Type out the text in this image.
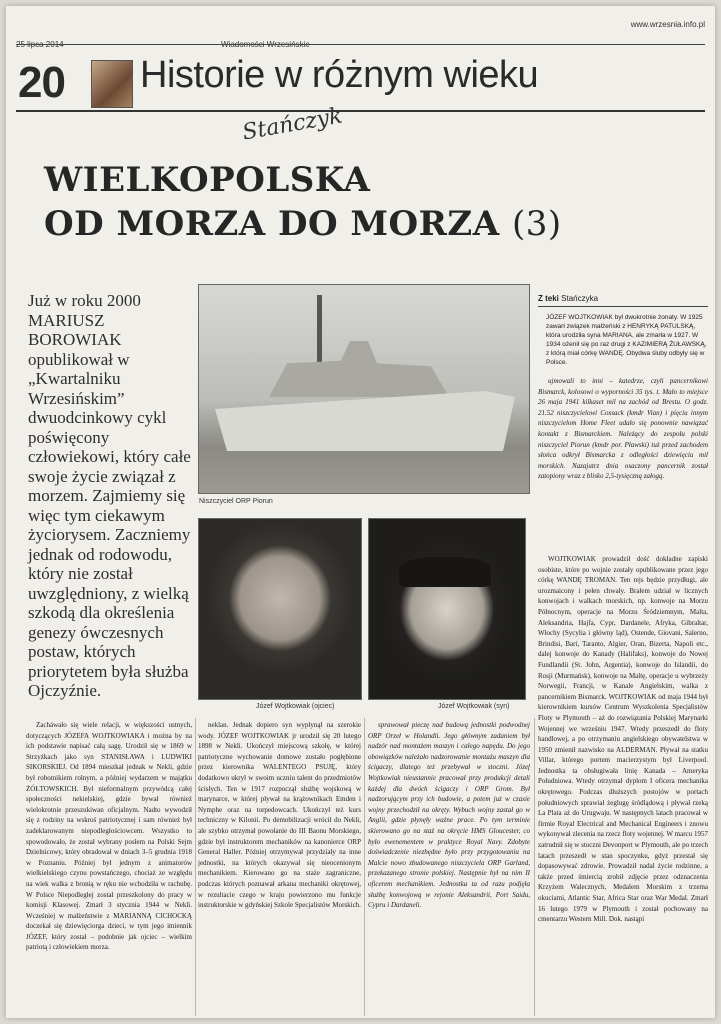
www.wrzesnia.info.pl
25 lipca 2014	Wiadomości Wrzesińskie
20 Historie w różnym wieku
Stańczyk
WIELKOPOLSKA
OD MORZA DO MORZA (3)
Już w roku 2000 MARIUSZ BOROWIAK opublikował w „Kwartalniku Wrzesińskim” dwuodcinkowy cykl poświęcony człowiekowi, który całe swoje życie związał z morzem. Zajmiemy się więc tym ciekawym życiorysem. Zaczniemy jednak od rodowodu, który nie został uwzględniony, z wielką szkodą dla określenia genezy ówczesnych postaw, których priorytetem była służba Ojczyźnie.
Niszczyciel ORP Piorun
Józef Wojtkowiak (ojciec)	Józef Wojtkowiak (syn)
Z teki Stańczyka
JÓZEF WOJTKOWIAK był dwukrotnie żonaty. W 1925 zawarł związek małżeński z HENRYKĄ PATULSKĄ, która urodziła syna MARIANA, ale zmarła w 1927. W 1934 ożenił się po raz drugi z KAZIMIERĄ ŻUŁAWSKĄ, z którą miał córkę WANDĘ. Obydwa śluby odbyły się w Polsce.

Zacháwało się wiele relacji, w większości ustnych, dotyczących JÓZEFA WOJTKOWIAKA i można by na ich podstawie napisać całą sagę. Urodził się w 1869 w Strzyżkach jako syn STANISŁAWA i LUDWIKI SIKORSKIEJ. Od 1894 mieszkał jednak w Nekli, gdzie był robotnikiem rolnym, a później wydarzem w majątku ŻÓŁTOWSKICH. Był nieformalnym przywódcą całej społeczności nekielskiej, gdzie bywał również wielokrotnie przeszukiwan oficjalnym. Nadto wywodził się z rodziny na wskroś patriotycznej i sam również był zadeklarowanym niepodległościowcem. Wszystko to spowodowało, że został wybrany posłem na Polski Sejm Dzielnicowy, który obradował w dniach 3–5 grudnia 1918 w Poznaniu. Później był jednym z animatorów wielkielskiego czynu powstańczego, chociaż ze względu na wiek walka z bronią w ręku nie wchodziła w rachubę. W Polsce Niepodległej został przeszkolony do pracy w komisji Klasowej. Zmarł 3 stycznia 1944 w Nekli. Wcześniej w małżeństwie z MARIANNĄ CICHOCKĄ doczekał się dziewięciorga dzieci, w tym jego imiennik JÓZEF, który został – podobnie jak ojciec – wielkim patriotą i człowiekiem morza.

neklan. Jednak dopiero syn wypłynął na szerokie wody. JÓZEF WOJTKOWIAK jr urodził się 20 lutego 1898 w Nekli. Ukończył miejscową szkołę, w której patriotyczne wychowanie domowe zostało pogłębione przez kierownika WALENTEGO PSUJĘ, który dodatkowo ukrył w swoim uczniu talent do przedmiotów ścisłych. Ten w 1917 rozpoczął służbę wojskową w marynarce, w której pływał na krążownikach Emden i Nymphe oraz na torpedowcach. Ukończył też kurs techniczny w Kilonii. Po demobilizacji wrócił do Nekli, ale szybko otrzymał powołanie do III Baonu Morskiego, gdzie był instruktorem mechaników na kanonierce ORP General Haller. Później otrzymywał przydziały na inne jednostki, na których okazywał się nieocenionym mechanikiem. Kierowano go na staże zagraniczne, podczas których poznawał arkana mechaniki okrętowej, w rezultacie czego w kraju powierzono mu funkcje instruktorskie w gdyńskiej Szkole Specjalistów Morskich.

sprawował pieczę nad budową jednostki podwodnej ORP Orzeł w Holandii. Jego głównym zadaniem był nadzór nad montażem maszyn i całego napędu. Do jego obowiązków należało nadzorowanie montażu maszyn dla ścigaczy, dlatego też przebywał w stoczni. Józef Wojtkowiak nieustannie pracował przy produkcji detali każdej dla dwóch ścigaczy i ORP Grom. Był nadzorującym przy ich budowie, a potem już w czasie wojny przechodził na okręty. Wybuch wojny zastał go w Anglii, gdzie płynęły ważne prace. Po tym terminie skierowano go na staż na okręcie HMS Gloucester, co było ewenementem w praktyce Royal Navy. Zdobyte doświadczenie niezbędne było przy przygotowaniu na Malcie nowo zbudowanego niszczyciela ORP Garland, przekazanego stronie polskiej. Następnie był na nim II oficerem mechanikiem. Jednostka ta od razu podjęła służbę konwojową w rejonie Aleksandrii, Port Saidu, Cypru i Dardaneli.

ujmowali to inni – katedrze, czyli pancernikowi Bismarck, kolosowi o wyporności 35 tys. t. Mało to miejsce 26 maja 1941 kilkaset mil na zachód od Brestu. O godz. 21.52 niszczycielowi Cossack (kmdr Vian) i pięciu innym niszczycielom Home Fleet udało się ponownie nawiązać kontakt z Bismarckiem. Należący do zespołu polski niszczyciel Piorun (kmdr por. Pławski) tuż przed zachodem słońca odkrył Bismarcka z odległości dziewięciu mil morskich. Nazajutrz dnia osaczony pancernik został zatopiony wraz z blisko 2,5-tysięczną załogą.

WOJTKOWIAK prowadził dość dokładne zapiski osobiste, które po wojnie zostały opublikowane przez jego córkę WANDĘ TROMAN. Ten rejs będzie przydługi, ale urozmaicony i pełen chwały. Brałem udział w licznych konwojach i walkach morskich, np. konwoje na Morzu Północnym, operacje na Morzu Śródziemnym, Malta, Aleksandria, Hajfa, Cypr, Dardanele, Afryka, Gibraltar, Włochy (Sycylia i główny ląd), Ostende, Giovani, Salerno, Brindisi, Bari, Taranto, Algier, Oran, Bizerta, Napoli etc., dalej konwoje do Kanady (Halifaks), konwoje do Nowej Fundlandii (St. John, Argentia), konwoje do Islandii, do Rosji (Murmańsk), konwoje na Maltę, operacje u wybrzeży Norwegii, Francji, w Kanale Angielskim, walka z pancernikiem Bismarck. WOJTKOWIAK od maja 1944 był kierownikiem kursów Centrum Wyszkolenia Specjalistów Floty w Plymouth – aż do rozwiązania Polskiej Marynarki Wojennej we wrześniu 1947. Wtedy przeszedł do floty handlowej, a po otrzymaniu angielskiego obywatelstwa w 1950 zmienił nazwisko na ALDERMAN. Pływał na statku Villar, którego portem macierzystym był Liverpool. Jednostka ta obsługiwała linię Kanada – Ameryka Południowa. Wtedy otrzymał dyplom I oficera mechanika okrętowego. Podczas dłuższych postojów w portach południowych sprawiał żeglugę śródlądową i pływał rzeką La Plata aż do Urugwaju. W następnych latach pracował w firmie Royal Electrical and Mechanical Engineers i znowu wykonywał zlecenia na rzecz floty wojennej. W marcu 1957 zatrudnił się w stoczni Devonport w Plymouth, ale po trzech latach przeszedł w stan spoczynku, gdyż przestał się dopasowywać zdrowie. Prowadził nadal życie rodzinne, a także przed śmiercią zrobił zdjęcie przez odznaczenia Krzyżem Walecznych, Medalem Morskim z trzema okuciami, Atlantic Star, Africa Star oraz War Medal. Zmarł 16 lutego 1979 w Plymouth i został pochowany na cmentarzu Western Mill. Dok. nastąpi
